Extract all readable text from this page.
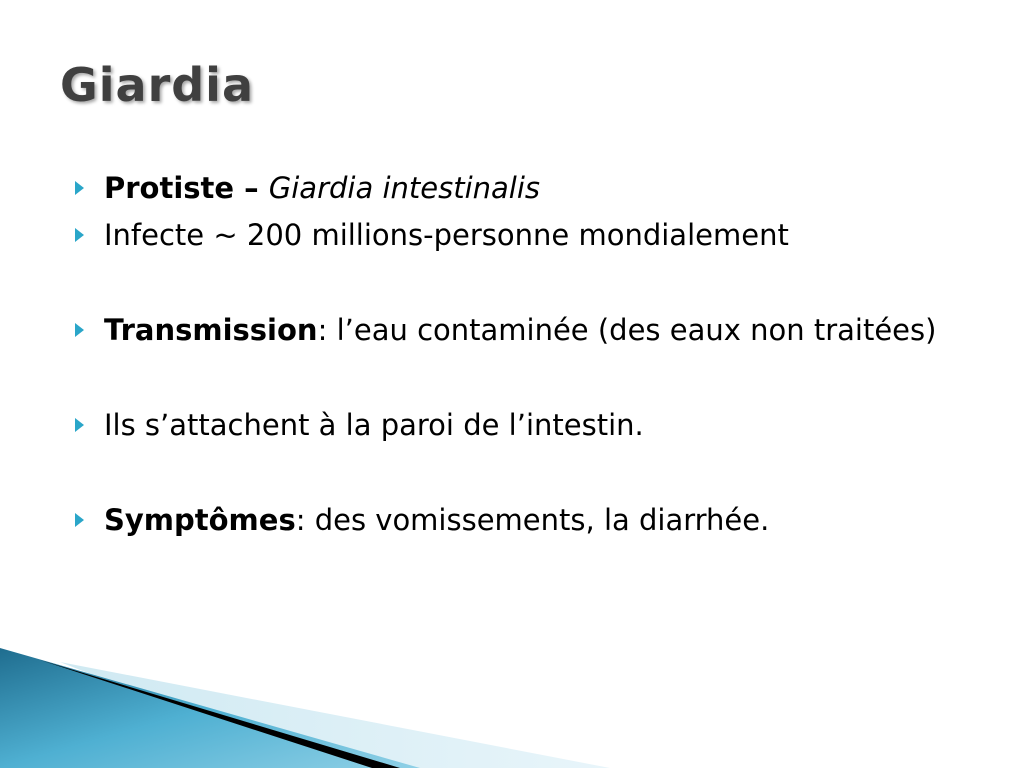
Giardia
Protiste – Giardia intestinalis
Infecte ~ 200 millions-personne mondialement
Transmission: l’eau contaminée (des eaux non traitées)
Ils s’attachent à la paroi de l’intestin.
Symptômes: des vomissements, la diarrhée.
